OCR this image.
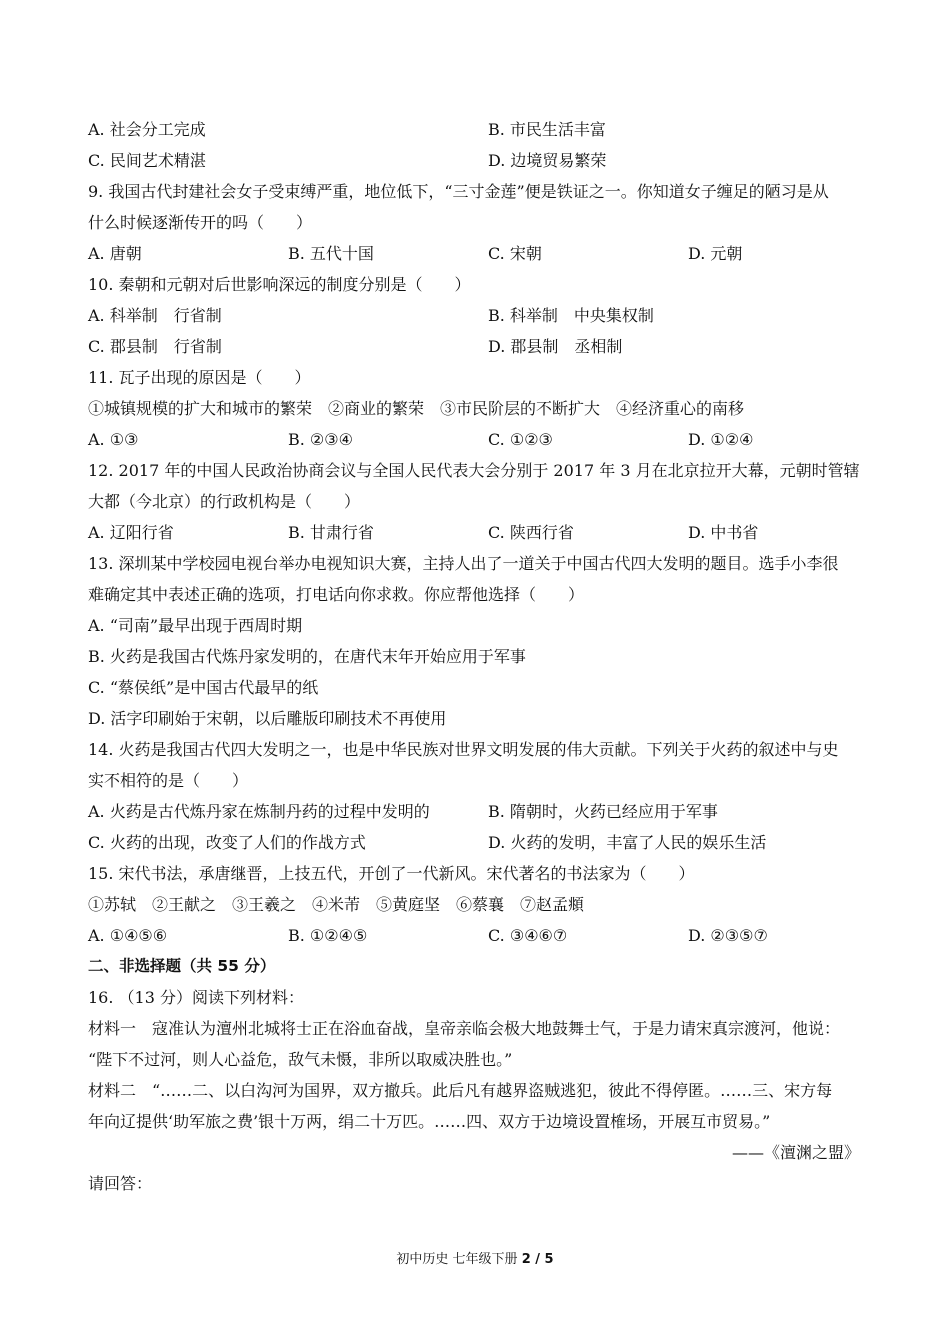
A. 社会分工完成	B. 市民生活丰富
C. 民间艺术精湛	D. 边境贸易繁荣
9. 我国古代封建社会女子受束缚严重，地位低下，“三寸金莲”便是铁证之一。你知道女子缠足的陋习是从
什么时候逐渐传开的吗（　　）
A. 唐朝	B. 五代十国	C. 宋朝	D. 元朝
10. 秦朝和元朝对后世影响深远的制度分别是（　　）
A. 科举制　行省制	B. 科举制　中央集权制
C. 郡县制　行省制	D. 郡县制　丞相制
11. 瓦子出现的原因是（　　）
①城镇规模的扩大和城市的繁荣　②商业的繁荣　③市民阶层的不断扩大　④经济重心的南移
A. ①③	B. ②③④	C. ①②③	D. ①②④
12. 2017 年的中国人民政治协商会议与全国人民代表大会分别于 2017 年 3 月在北京拉开大幕，元朝时管辖
大都（今北京）的行政机构是（　　）
A. 辽阳行省	B. 甘肃行省	C. 陕西行省	D. 中书省
13. 深圳某中学校园电视台举办电视知识大赛，主持人出了一道关于中国古代四大发明的题目。选手小李很
难确定其中表述正确的选项，打电话向你求救。你应帮他选择（　　）
A. “司南”最早出现于西周时期
B. 火药是我国古代炼丹家发明的，在唐代末年开始应用于军事
C. “蔡侯纸”是中国古代最早的纸
D. 活字印刷始于宋朝，以后雕版印刷技术不再使用
14. 火药是我国古代四大发明之一，也是中华民族对世界文明发展的伟大贡献。下列关于火药的叙述中与史
实不相符的是（　　）
A. 火药是古代炼丹家在炼制丹药的过程中发明的	B. 隋朝时，火药已经应用于军事
C. 火药的出现，改变了人们的作战方式	D. 火药的发明，丰富了人民的娱乐生活
15. 宋代书法，承唐继晋，上技五代，开创了一代新风。宋代著名的书法家为（　　）
①苏轼　②王献之　③王羲之　④米芾　⑤黄庭坚　⑥蔡襄　⑦赵孟頫
A. ①④⑤⑥	B. ①②④⑤	C. ③④⑥⑦	D. ②③⑤⑦
二、非选择题（共 55 分）
16. （13 分）阅读下列材料：
材料一　寇准认为澶州北城将士正在浴血奋战，皇帝亲临会极大地鼓舞士气，于是力请宋真宗渡河，他说：
“陛下不过河，则人心益危，敌气未慑，非所以取威决胜也。”
材料二　“……二、以白沟河为国界，双方撤兵。此后凡有越界盗贼逃犯，彼此不得停匿。……三、宋方每
年向辽提供‘助军旅之费’银十万两，绢二十万匹。……四、双方于边境设置榷场，开展互市贸易。”
——《澶渊之盟》
请回答：
初中历史 七年级下册 2 / 5
